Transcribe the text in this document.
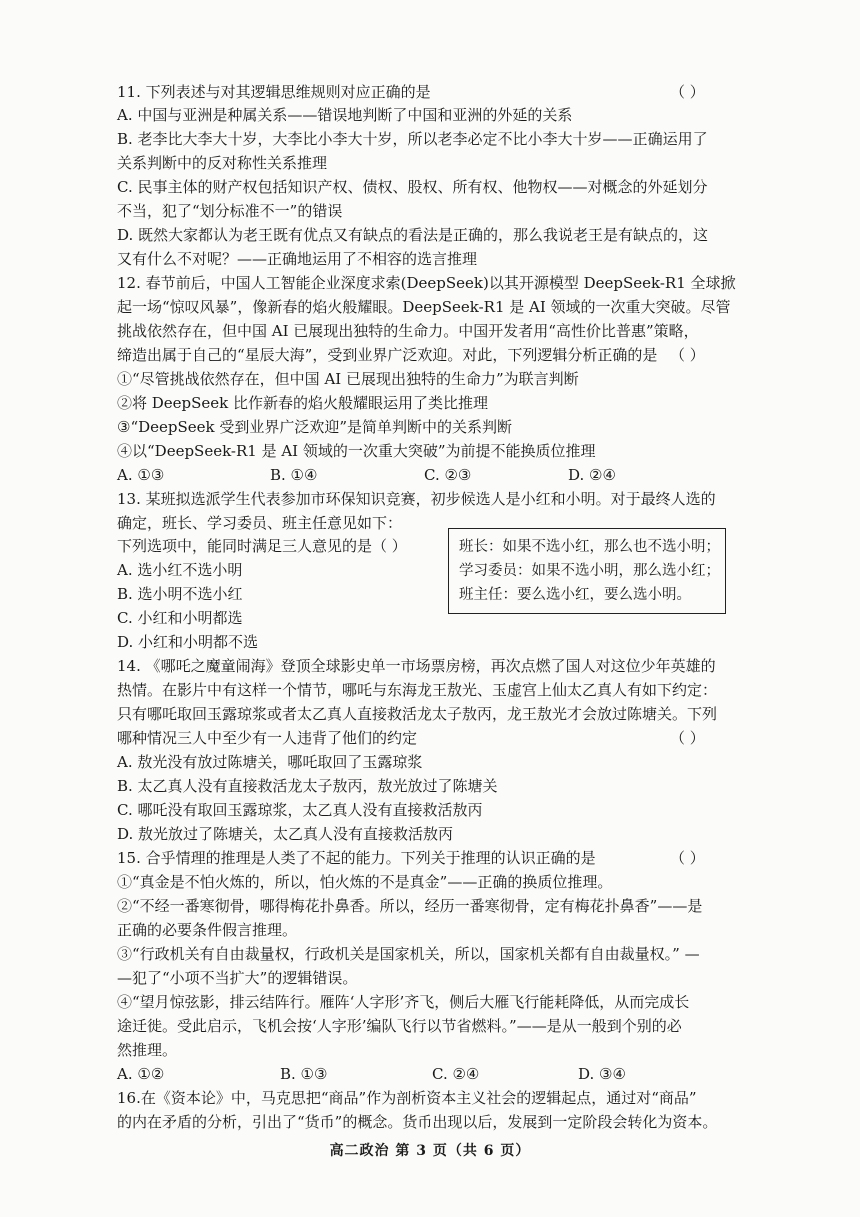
11. 下列表述与对其逻辑思维规则对应正确的是	（ ）
A. 中国与亚洲是种属关系——错误地判断了中国和亚洲的外延的关系
B. 老李比大李大十岁，大李比小李大十岁，所以老李必定不比小李大十岁——正确运用了
关系判断中的反对称性关系推理
C. 民事主体的财产权包括知识产权、债权、股权、所有权、他物权——对概念的外延划分
不当，犯了“划分标准不一”的错误
D. 既然大家都认为老王既有优点又有缺点的看法是正确的，那么我说老王是有缺点的，这
又有什么不对呢？——正确地运用了不相容的选言推理
12. 春节前后，中国人工智能企业深度求索(DeepSeek)以其开源模型 DeepSeek-R1 全球掀
起一场“惊叹风暴”，像新春的焰火般耀眼。DeepSeek-R1 是 AI 领域的一次重大突破。尽管
挑战依然存在，但中国 AI 已展现出独特的生命力。中国开发者用“高性价比普惠”策略，
缔造出属于自己的“星辰大海”，受到业界广泛欢迎。对此，下列逻辑分析正确的是 （ ）
①“尽管挑战依然存在，但中国 AI 已展现出独特的生命力”为联言判断
②将 DeepSeek 比作新春的焰火般耀眼运用了类比推理
③“DeepSeek 受到业界广泛欢迎”是简单判断中的关系判断
④以“DeepSeek-R1 是 AI 领域的一次重大突破”为前提不能换质位推理
A. ①③	B. ①④	C. ②③	D. ②④
13. 某班拟选派学生代表参加市环保知识竞赛，初步候选人是小红和小明。对于最终人选的
确定，班长、学习委员、班主任意见如下：
下列选项中，能同时满足三人意见的是（ ）
A. 选小红不选小明
B. 选小明不选小红
C. 小红和小明都选
D. 小红和小明都不选
班长：如果不选小红，那么也不选小明；
学习委员：如果不选小明，那么选小红；
班主任：要么选小红，要么选小明。
14. 《哪吒之魔童闹海》登顶全球影史单一市场票房榜，再次点燃了国人对这位少年英雄的
热情。在影片中有这样一个情节，哪吒与东海龙王敖光、玉虚宫上仙太乙真人有如下约定：
只有哪吒取回玉露琼浆或者太乙真人直接救活龙太子敖丙，龙王敖光才会放过陈塘关。下列
哪种情况三人中至少有一人违背了他们的约定	（ ）
A. 敖光没有放过陈塘关，哪吒取回了玉露琼浆
B. 太乙真人没有直接救活龙太子敖丙，敖光放过了陈塘关
C. 哪吒没有取回玉露琼浆，太乙真人没有直接救活敖丙
D. 敖光放过了陈塘关，太乙真人没有直接救活敖丙
15. 合乎情理的推理是人类了不起的能力。下列关于推理的认识正确的是	（ ）
①“真金是不怕火炼的，所以，怕火炼的不是真金”——正确的换质位推理。
②“不经一番寒彻骨，哪得梅花扑鼻香。所以，经历一番寒彻骨，定有梅花扑鼻香”——是
正确的必要条件假言推理。
③“行政机关有自由裁量权，行政机关是国家机关，所以，国家机关都有自由裁量权。” —
—犯了“小项不当扩大”的逻辑错误。
④“望月惊弦影，排云结阵行。雁阵‘人字形’齐飞，侧后大雁飞行能耗降低，从而完成长
途迁徙。受此启示，飞机会按‘人字形’编队飞行以节省燃料。”——是从一般到个别的必
然推理。
A. ①②	B. ①③	C. ②④	D. ③④
16.在《资本论》中，马克思把“商品”作为剖析资本主义社会的逻辑起点，通过对“商品”
的内在矛盾的分析，引出了“货币”的概念。货币出现以后，发展到一定阶段会转化为资本。
高二政治 第 3 页（共 6 页）
